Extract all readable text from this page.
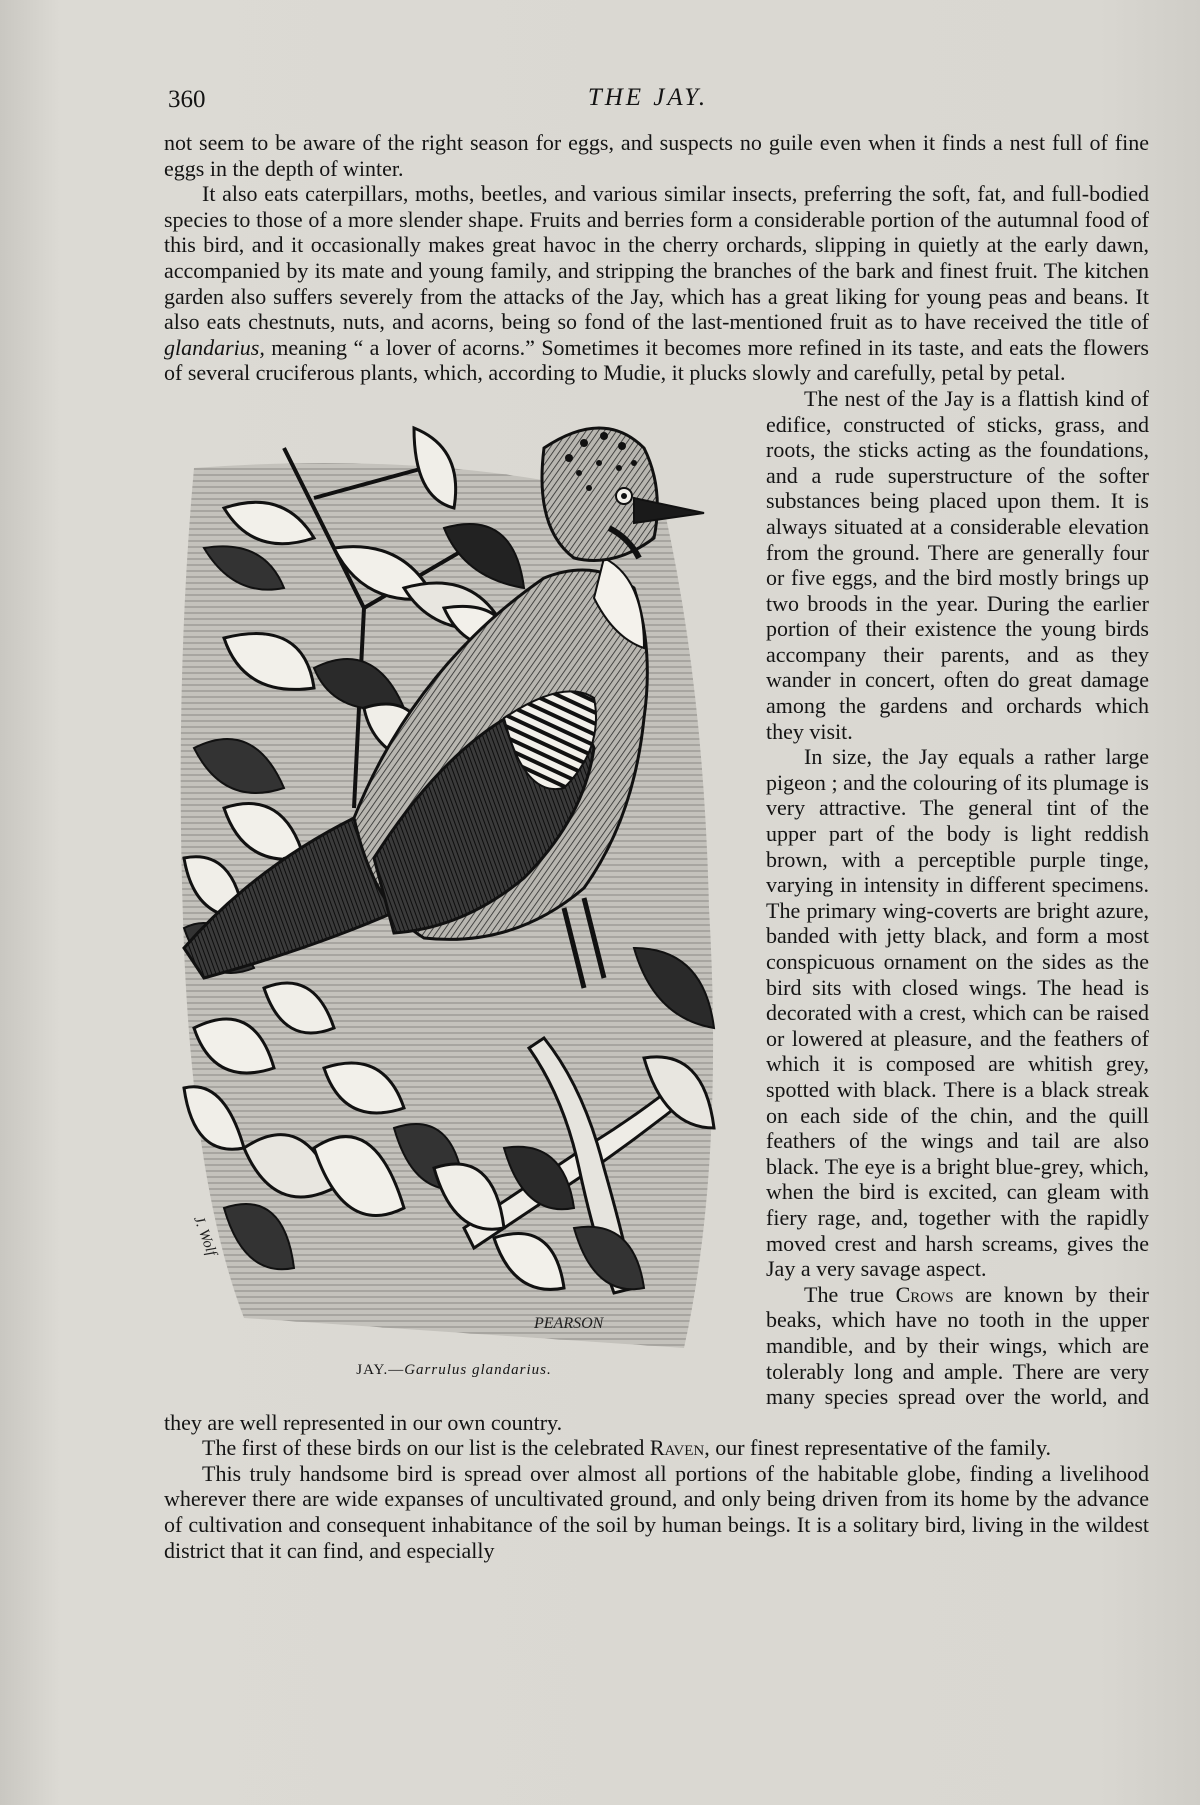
360	THE JAY.

not seem to be aware of the right season for eggs, and suspects no guile even when it finds a nest full of fine eggs in the depth of winter.

It also eats caterpillars, moths, beetles, and various similar insects, preferring the soft, fat, and full-bodied species to those of a more slender shape. Fruits and berries form a considerable portion of the autumnal food of this bird, and it occasionally makes great havoc in the cherry orchards, slipping in quietly at the early dawn, accompanied by its mate and young family, and stripping the branches of the bark and finest fruit. The kitchen garden also suffers severely from the attacks of the Jay, which has a great liking for young peas and beans. It also eats chestnuts, nuts, and acorns, being so fond of the last-mentioned fruit as to have received the title of glandarius, meaning “ a lover of acorns.” Sometimes it becomes more refined in its taste, and eats the flowers of several cruciferous plants, which, according to Mudie, it plucks slowly and carefully, petal by petal.

J. Wolf
PEARSON
JAY.—Garrulus glandarius.

The nest of the Jay is a flattish kind of edifice, constructed of sticks, grass, and roots, the sticks acting as the foundations, and a rude superstructure of the softer substances being placed upon them. It is always situated at a considerable elevation from the ground. There are generally four or five eggs, and the bird mostly brings up two broods in the year. During the earlier portion of their existence the young birds accompany their parents, and as they wander in concert, often do great damage among the gardens and orchards which they visit.

In size, the Jay equals a rather large pigeon ; and the colouring of its plumage is very attractive. The general tint of the upper part of the body is light reddish brown, with a perceptible purple tinge, varying in intensity in different specimens. The primary wing-coverts are bright azure, banded with jetty black, and form a most conspicuous ornament on the sides as the bird sits with closed wings. The head is decorated with a crest, which can be raised or lowered at pleasure, and the feathers of which it is composed are whitish grey, spotted with black. There is a black streak on each side of the chin, and the quill feathers of the wings and tail are also black. The eye is a bright blue-grey, which, when the bird is excited, can gleam with fiery rage, and, together with the rapidly moved crest and harsh screams, gives the Jay a very savage aspect.

The true Crows are known by their beaks, which have no tooth in the upper mandible, and by their wings, which are tolerably long and ample. There are very many species spread over the world, and they are well represented in our own country.

The first of these birds on our list is the celebrated Raven, our finest representative of the family.

This truly handsome bird is spread over almost all portions of the habitable globe, finding a livelihood wherever there are wide expanses of uncultivated ground, and only being driven from its home by the advance of cultivation and consequent inhabitance of the soil by human beings. It is a solitary bird, living in the wildest district that it can find, and especially
